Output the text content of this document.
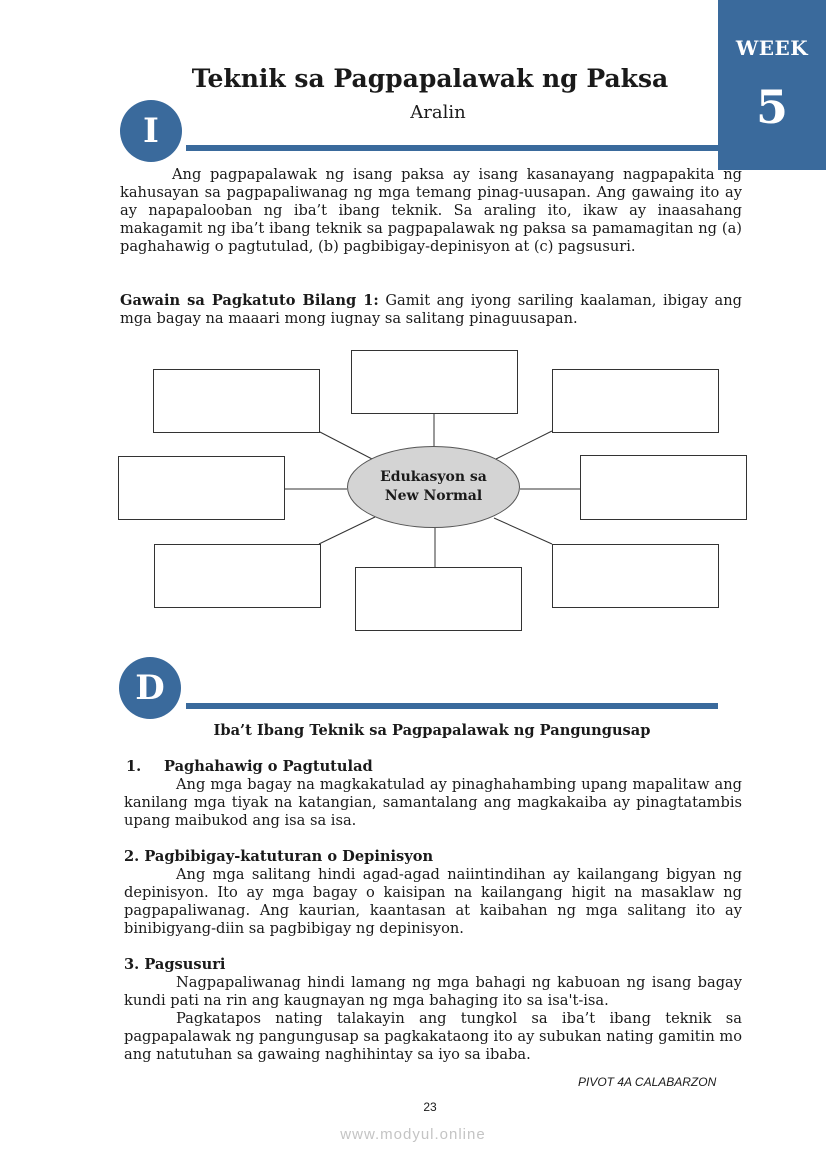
WEEK
5
Teknik sa Pagpapalawak ng Paksa
Aralin
I
Ang pagpapalawak ng isang paksa ay isang kasanayang nagpapakita ng kahusayan sa pagpapaliwanag ng mga temang pinag-uusapan. Ang gawaing ito ay ay napapalooban ng iba’t ibang teknik. Sa araling ito, ikaw ay inaasahang makagamit ng iba’t ibang teknik sa pagpapalawak ng paksa sa pamamagitan ng (a) paghahawig o pagtutulad, (b) pagbibigay-depinisyon at (c) pagsusuri.
Gawain sa Pagkatuto Bilang 1: Gamit ang iyong sariling kaalaman, ibigay ang mga bagay na maaari mong iugnay sa salitang pinaguusapan.
Edukasyon sa
New Normal
D
Iba’t Ibang Teknik sa Pagpapalawak ng Pangungusap
1. Paghahawig o Pagtutulad
Ang mga bagay na magkakatulad ay pinaghahambing upang mapalitaw ang kanilang mga tiyak na katangian, samantalang ang magkakaiba ay pinagtatambis upang maibukod ang isa sa isa.
2. Pagbibigay-katuturan o Depinisyon
Ang mga salitang hindi agad-agad naiintindihan ay kailangang bigyan ng depinisyon. Ito ay mga bagay o kaisipan na kailangang higit na masaklaw ng pagpapaliwanag. Ang kaurian, kaantasan at kaibahan ng mga salitang ito ay binibigyang-diin sa pagbibigay ng depinisyon.
3. Pagsusuri
Nagpapaliwanag hindi lamang ng mga bahagi ng kabuoan ng isang bagay kundi pati na rin ang kaugnayan ng mga bahaging ito sa isa't-isa.
Pagkatapos nating talakayin ang tungkol sa iba’t ibang teknik sa pagpapalawak ng pangungusap sa pagkakataong ito ay subukan nating gamitin mo ang natutuhan sa gawaing naghihintay sa iyo sa ibaba.
PIVOT 4A CALABARZON
23
www.modyul.online
